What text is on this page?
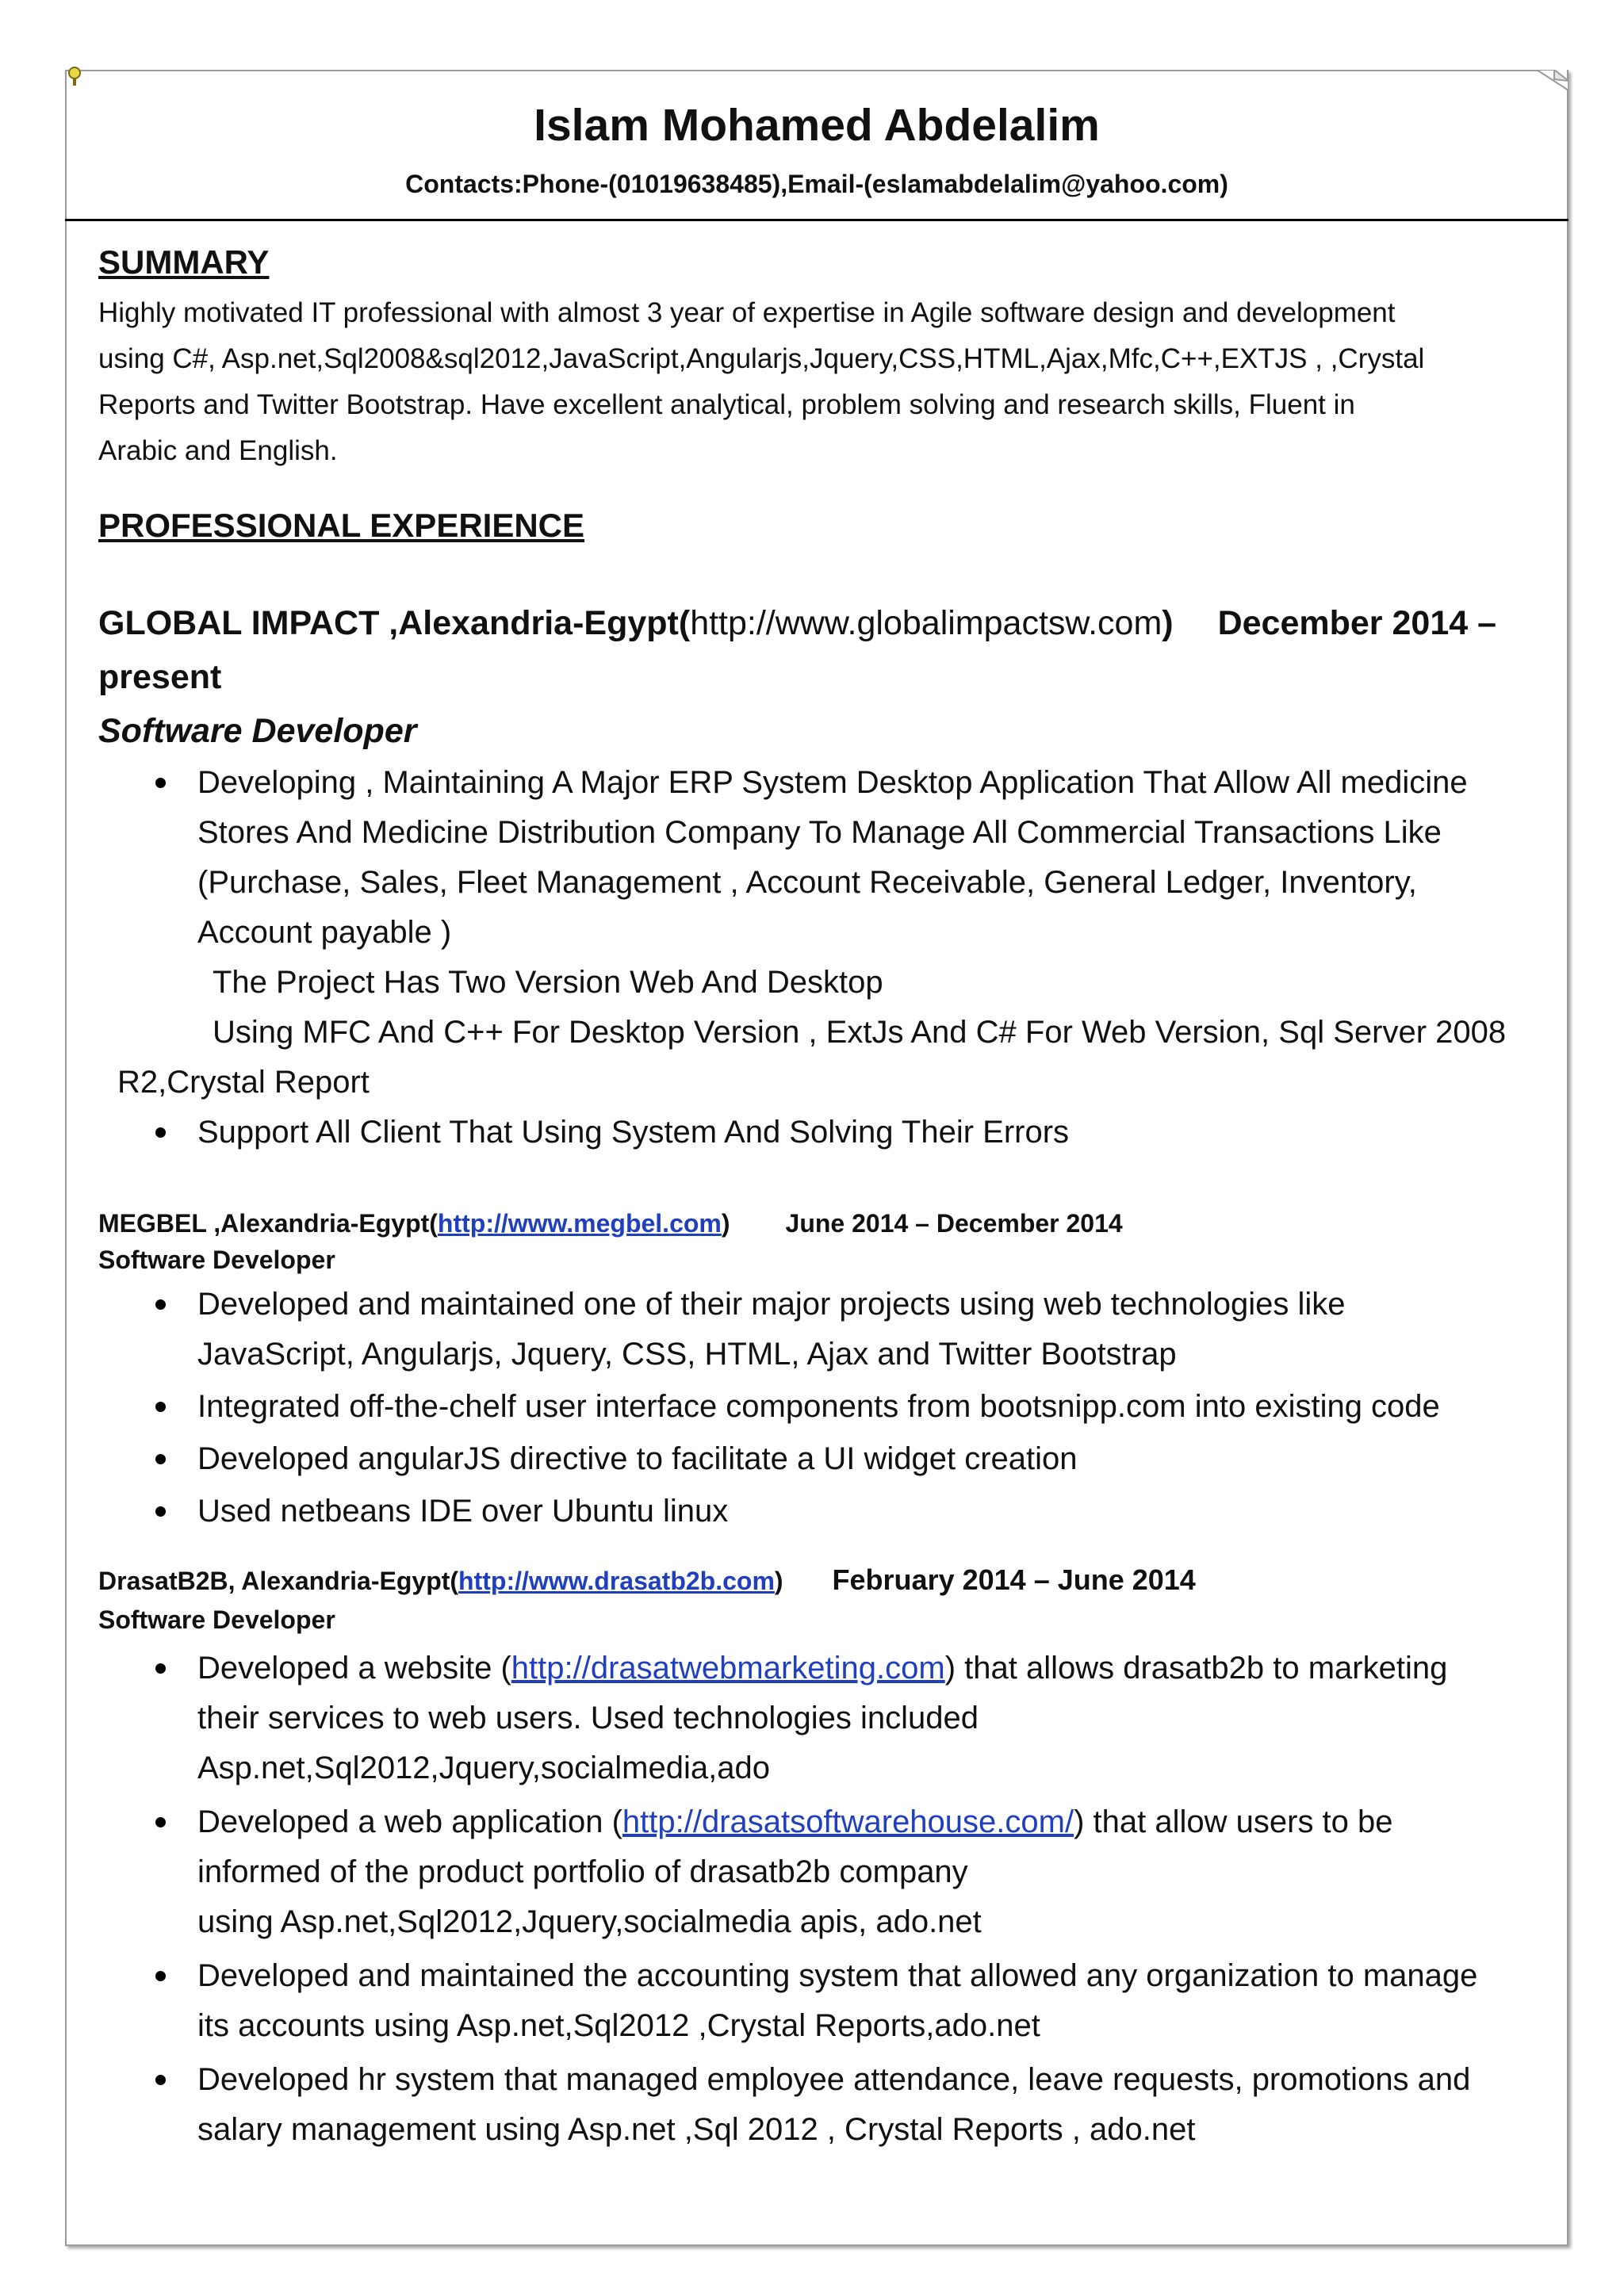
Islam Mohamed Abdelalim
Contacts:Phone-(01019638485),Email-(eslamabdelalim@yahoo.com)
SUMMARY
Highly motivated IT professional with almost 3 year of expertise in Agile software design and development
using C#, Asp.net,Sql2008&sql2012,JavaScript,Angularjs,Jquery,CSS,HTML,Ajax,Mfc,C++,EXTJS , ,Crystal
Reports and Twitter Bootstrap. Have excellent analytical, problem solving and research skills, Fluent in
Arabic and English.
PROFESSIONAL EXPERIENCE
GLOBAL IMPACT ,Alexandria-Egypt(http://www.globalimpactsw.com) December 2014 –
present
Software Developer
Developing , Maintaining A Major ERP System Desktop Application That Allow All medicine
Stores And Medicine Distribution Company To Manage All Commercial Transactions Like
(Purchase, Sales, Fleet Management , Account Receivable, General Ledger, Inventory,
Account payable )
The Project Has Two Version Web And Desktop
Using MFC And C++ For Desktop Version , ExtJs And C# For Web Version, Sql Server 2008
R2,Crystal Report
Support All Client That Using System And Solving Their Errors
MEGBEL ,Alexandria-Egypt(http://www.megbel.com) June 2014 – December 2014
Software Developer
Developed and maintained one of their major projects using web technologies like
JavaScript, Angularjs, Jquery, CSS, HTML, Ajax and Twitter Bootstrap
Integrated off-the-chelf user interface components from bootsnipp.com into existing code
Developed angularJS directive to facilitate a UI widget creation
Used netbeans IDE over Ubuntu linux
DrasatB2B, Alexandria-Egypt(http://www.drasatb2b.com) February 2014 – June 2014
Software Developer
Developed a website (http://drasatwebmarketing.com) that allows drasatb2b to marketing
their services to web users. Used technologies included
Asp.net,Sql2012,Jquery,socialmedia,ado
Developed a web application (http://drasatsoftwarehouse.com/) that allow users to be
informed of the product portfolio of drasatb2b company
using Asp.net,Sql2012,Jquery,socialmedia apis, ado.net
Developed and maintained the accounting system that allowed any organization to manage
its accounts using Asp.net,Sql2012 ,Crystal Reports,ado.net
Developed hr system that managed employee attendance, leave requests, promotions and
salary management using Asp.net ,Sql 2012 , Crystal Reports , ado.net
